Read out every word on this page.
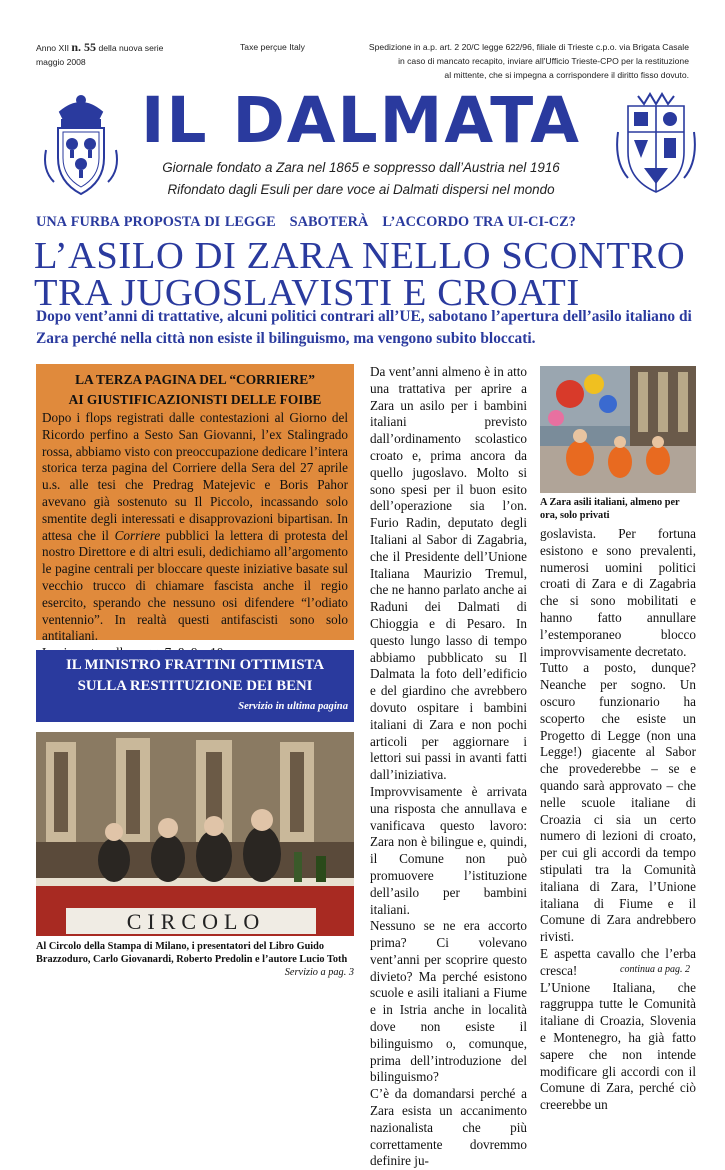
Anno XII n. 55 della nuova serie
maggio 2008
Taxe perçue Italy	Spedizione in a.p. art. 2 20/C legge 622/96, filiale di Trieste c.p.o. via Brigata Casale
in caso di mancato recapito, inviare all'Ufficio Trieste-CPO per la restituzione
al mittente, che si impegna a corrispondere il diritto fisso dovuto.
IL DALMATA
Giornale fondato a Zara nel 1865 e soppresso dall’Austria nel 1916
Rifondato dagli Esuli per dare voce ai Dalmati dispersi nel mondo
UNA FURBA PROPOSTA DI LEGGE SABOTERÀ L’ACCORDO TRA UI-CI-CZ?
L’ASILO DI ZARA NELLO SCONTRO
TRA JUGOSLAVISTI E CROATI
Dopo vent’anni di trattative, alcuni politici contrari all’UE, sabotano l’apertura dell’asilo italiano di Zara perché nella città non esiste il bilinguismo, ma vengono subito bloccati.
LA TERZA PAGINA DEL “CORRIERE”
AI GIUSTIFICAZIONISTI DELLE FOIBE

Dopo i flops registrati dalle contestazioni al Giorno del Ricordo perfino a Sesto San Giovanni, l’ex Stalingrado rossa, abbiamo visto con preoccupazione dedicare l’intera storica terza pagina del Corriere della Sera del 27 aprile u.s. alle tesi che Predrag Matejevic e Boris Pahor avevano già sostenuto su Il Piccolo, incassando solo smentite degli interessati e disapprovazioni bipartisan. In attesa che il Corriere pubblici la lettera di protesta del nostro Direttore e di altri esuli, dedichiamo all’argomento le pagine centrali per bloccare queste iniziative basate sul vecchio trucco di chiamare fascista anche il regio esercito, sperando che nessuno osi difendere “l’odiato ventennio”. In realtà questi antifascisti sono solo antitaliani.

IL MINISTRO FRATTINI OTTIMISTA
SULLA RESTITUZIONE DEI BENI
Servizio in ultima pagina
CIRCOLO
Al Circolo della Stampa di Milano, i presentatori del Libro Guido Brazzoduro, Carlo Giovanardi, Roberto Predolin e l’autore Lucio Toth
Servizio a pag. 3
A Zara asili italiani, almeno per ora, solo privati

Da vent’anni almeno è in atto una trattativa per aprire a Zara un asilo per i bambini italiani previsto dall’ordinamento scolastico croato e, prima ancora da quello jugoslavo. Molto si sono spesi per il buon esito dell’operazione sia l’on. Furio Radin, deputato degli Italiani al Sabor di Zagabria, che il Presidente dell’Unione Italiana Maurizio Tremul, che ne hanno parlato anche ai Raduni dei Dalmati di Chioggia e di Pesaro. In questo lungo lasso di tempo abbiamo pubblicato su Il Dalmata la foto dell’edificio e del giardino che avrebbero dovuto ospitare i bambini italiani di Zara e non pochi articoli per aggiornare i lettori sui passi in avanti fatti dall’iniziativa. Improvvisamente è arrivata una risposta che annullava e vanificava questo lavoro: Zara non è bilingue e, quindi, il Comune non può promuovere l’istituzione dell’asilo per bambini italiani.

Nessuno se ne era accorto prima? Ci volevano vent’anni per scoprire questo divieto? Ma perché esistono scuole e asili italiani a Fiume e in Istria anche in località dove non esiste il bilinguismo o, comunque, prima dell’introduzione del bilinguismo?

C’è da domandarsi perché a Zara esista un accanimento nazionalista che più correttamente dovremmo definire ju-

goslavista. Per fortuna esistono e sono prevalenti, numerosi uomini politici croati di Zara e di Zagabria che si sono mobilitati e hanno fatto annullare l’estemporaneo blocco improvvisamente decretato.

Tutto a posto, dunque? Neanche per sogno. Un oscuro funzionario ha scoperto che esiste un Progetto di Legge (non una Legge!) giacente al Sabor che provederebbe – se e quando sarà approvato – che nelle scuole italiane di Croazia ci sia un certo numero di lezioni di croato, per cui gli accordi da tempo stipulati tra la Comunità italiana di Zara, l’Unione italiana di Fiume e il Comune di Zara andrebbero rivisti.

E aspetta cavallo che l’erba cresca!

L’Unione Italiana, che raggruppa tutte le Comunità italiane di Croazia, Slovenia e Montenegro, ha già fatto sapere che non intende modificare gli accordi con il Comune di Zara, perché ciò creerebbe un

continua a pag. 2
